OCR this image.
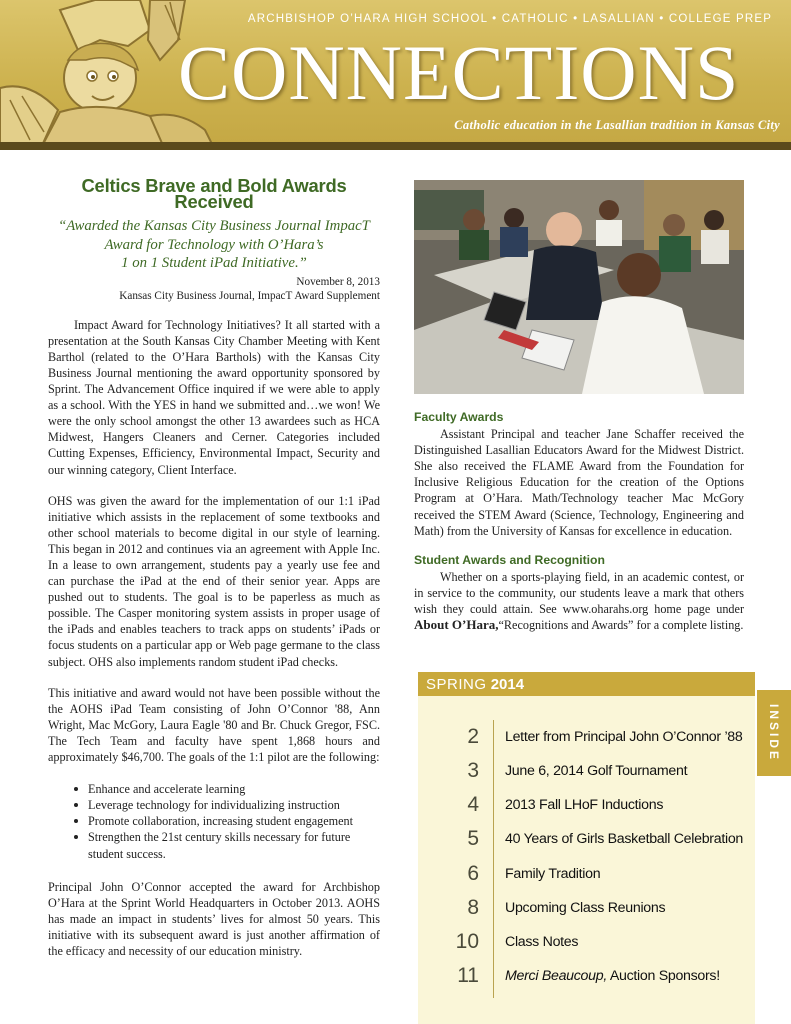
ARCHBISHOP O’HARA HIGH SCHOOL • CATHOLIC • LASALLIAN • COLLEGE PREP
CONNECTIONS
Catholic education in the Lasallian tradition in Kansas City
Celtics Brave and Bold Awards Received

“Awarded the Kansas City Business Journal ImpacT
Award for Technology with O’Hara’s
1 on 1 Student iPad Initiative.”

November 8, 2013
Kansas City Business Journal, ImpacT Award Supplement

Impact Award for Technology Initiatives? It all started with a presentation at the South Kansas City Chamber Meeting with Kent Barthol (related to the O’Hara Barthols) with the Kansas City Business Journal mentioning the award opportunity sponsored by Sprint. The Advancement Office inquired if we were able to apply as a school. With the YES in hand we submitted and…we won! We were the only school amongst the other 13 awardees such as HCA Midwest, Hangers Cleaners and Cerner. Categories included Cutting Expenses, Efficiency, Environmental Impact, Security and our winning category, Client Interface.

OHS was given the award for the implementation of our 1:1 iPad initiative which assists in the replacement of some textbooks and other school materials to become digital in our style of learning. This began in 2012 and continues via an agreement with Apple Inc. In a lease to own arrangement, students pay a yearly use fee and can purchase the iPad at the end of their senior year. Apps are pushed out to students. The goal is to be paperless as much as possible. The Casper monitoring system assists in proper usage of the iPads and enables teachers to track apps on students’ iPads or focus students on a particular app or Web page germane to the class subject. OHS also implements random student iPad checks.

This initiative and award would not have been possible without the the AOHS iPad Team consisting of John O’Connor '88, Ann Wright, Mac McGory, Laura Eagle '80 and Br. Chuck Gregor, FSC. The Tech Team and faculty have spent 1,868 hours and approximately $46,700. The goals of the 1:1 pilot are the following:

Enhance and accelerate learning
Leverage technology for individualizing instruction
Promote collaboration, increasing student engagement
Strengthen the 21st century skills necessary for future student success.

Principal John O’Connor accepted the award for Archbishop O’Hara at the Sprint World Headquarters in October 2013. AOHS has made an impact in students’ lives for almost 50 years. This initiative with its subsequent award is just another affirmation of the efficacy and necessity of our education ministry.

Faculty Awards

Assistant Principal and teacher Jane Schaffer received the Distinguished Lasallian Educators Award for the Midwest District. She also received the FLAME Award from the Foundation for Inclusive Religious Education for the creation of the Options Program at O’Hara. Math/Technology teacher Mac McGory received the STEM Award (Science, Technology, Engineering and Math) from the University of Kansas for excellence in education.

Student Awards and Recognition

Whether on a sports-playing field, in an academic contest, or in service to the community, our students leave a mark that others wish they could attain. See www.oharahs.org home page under About O’Hara,“Recognitions and Awards” for a complete listing.

SPRING 2014
INSIDE
2 Letter from Principal John O’Connor ’88
3 June 6, 2014 Golf Tournament
4 2013 Fall LHoF Inductions
5 40 Years of Girls Basketball Celebration
6 Family Tradition
8 Upcoming Class Reunions
10 Class Notes
11 Merci Beaucoup, Auction Sponsors!
